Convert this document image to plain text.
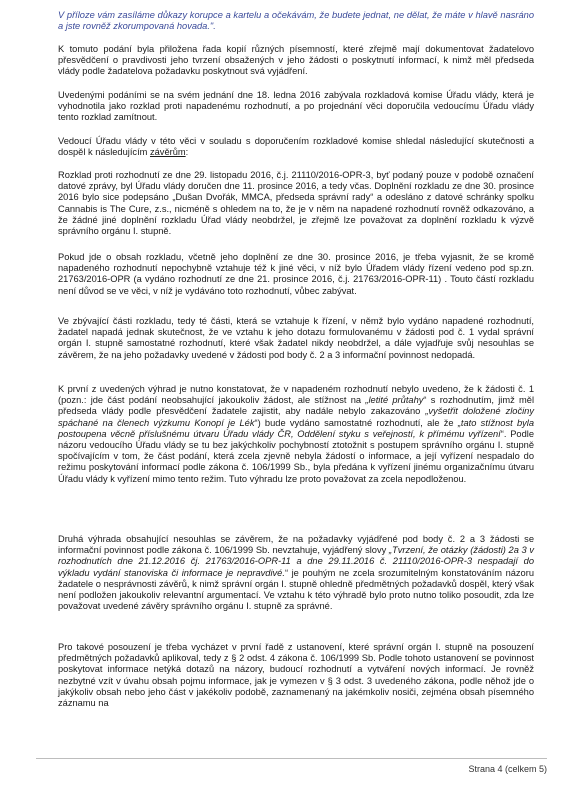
V příloze vám zasíláme důkazy korupce a kartelu a očekávám, že budete jednat, ne dělat, že máte v hlavě nasráno a jste rovněž zkorumpovaná hovada.".

K tomuto podání byla přiložena řada kopií různých písemností, které zřejmě mají dokumentovat žadatelovo přesvědčení o pravdivosti jeho tvrzení obsažených v jeho žádosti o poskytnutí informací, k nimž měl předseda vlády podle žadatelova požadavku poskytnout svá vyjádření.

Uvedenými podáními se na svém jednání dne 18. ledna 2016 zabývala rozkladová komise Úřadu vlády, která je vyhodnotila jako rozklad proti napadenému rozhodnutí, a po projednání věci doporučila vedoucímu Úřadu vlády tento rozklad zamítnout.

Vedoucí Úřadu vlády v této věci v souladu s doporučením rozkladové komise shledal následující skutečnosti a dospěl k následujícím závěrům:

Rozklad proti rozhodnutí ze dne 29. listopadu 2016, č.j. 21110/2016-OPR-3, byť podaný pouze v podobě označení datové zprávy, byl Úřadu vlády doručen dne 11. prosince 2016, a tedy včas. Doplnění rozkladu ze dne 30. prosince 2016 bylo sice podepsáno „Dušan Dvořák, MMCA, předseda správní rady“ a odesláno z datové schránky spolku Cannabis is The Cure, z.s., nicméně s ohledem na to, že je v něm na napadené rozhodnutí rovněž odkazováno, a že žádné jiné doplnění rozkladu Úřad vlády neobdržel, je zřejmě lze považovat za doplnění rozkladu k výzvě správního orgánu I. stupně.

Pokud jde o obsah rozkladu, včetně jeho doplnění ze dne 30. prosince 2016, je třeba vyjasnit, že se kromě napadeného rozhodnutí nepochybně vztahuje též k jiné věci, v níž bylo Úřadem vlády řízení vedeno pod sp.zn. 21763/2016-OPR (a vydáno rozhodnutí ze dne 21. prosince 2016, č.j. 21763/2016-OPR-11) . Touto částí rozkladu není důvod se ve věci, v níž je vydáváno toto rozhodnutí, vůbec zabývat.

Ve zbývající části rozkladu, tedy té části, která se vztahuje k řízení, v němž bylo vydáno napadené rozhodnutí, žadatel napadá jednak skutečnost, že ve vztahu k jeho dotazu formulovanému v žádosti pod č. 1 vydal správní orgán I. stupně samostatné rozhodnutí, které však žadatel nikdy neobdržel, a dále vyjadřuje svůj nesouhlas se závěrem, že na jeho požadavky uvedené v žádosti pod body č. 2 a 3 informační povinnost nedopadá.

K první z uvedených výhrad je nutno konstatovat, že v napadeném rozhodnutí nebylo uvedeno, že k žádosti č. 1 (pozn.: jde část podání neobsahující jakoukoliv žádost, ale stížnost na „letité průtahy“ s rozhodnutím, jimž měl předseda vlády podle přesvědčení žadatele zajistit, aby nadále nebylo zakazováno „vyšetřit doložené zločiny spáchané na členech výzkumu Konopí je Lék“) bude vydáno samostatné rozhodnutí, ale že „tato stížnost byla postoupena věcně příslušnému útvaru Úřadu vlády ČR, Oddělení styku s veřejností, k přímému vyřízení“. Podle názoru vedoucího Úřadu vlády se tu bez jakýchkoliv pochybností ztotožnit s postupem správního orgánu I. stupně spočívajícím v tom, že část podání, která zcela zjevně nebyla žádostí o informace, a její vyřízení nespadalo do režimu poskytování informací podle zákona č. 106/1999 Sb., byla předána k vyřízení jinému organizačnímu útvaru Úřadu vlády k vyřízení mimo tento režim. Tuto výhradu lze proto považovat za zcela nepodloženou.

Druhá výhrada obsahující nesouhlas se závěrem, že na požadavky vyjádřené pod body č. 2 a 3 žádosti se informační povinnost podle zákona č. 106/1999 Sb. nevztahuje, vyjádřený slovy „Tvrzení, že otázky (žádosti) 2a 3 v rozhodnutích dne 21.12.2016 čj. 21763/2016-OPR-11 a dne 29.11.2016 č. 21110/2016-OPR-3 nespadají do výkladu vydání stanoviska či informace je nepravdivé.“ je pouhým ne zcela srozumitelným konstatováním názoru žadatele o nesprávnosti závěrů, k nimž správní orgán I. stupně ohledně předmětných požadavků dospěl, který však není podložen jakoukoliv relevantní argumentací. Ve vztahu k této výhradě bylo proto nutno toliko posoudit, zda lze považovat uvedené závěry správního orgánu I. stupně za správné.

Pro takové posouzení je třeba vycházet v první řadě z ustanovení, které správní orgán I. stupně na posouzení předmětných požadavků aplikoval, tedy z § 2 odst. 4 zákona č. 106/1999 Sb. Podle tohoto ustanovení se povinnost poskytovat informace netýká dotazů na názory, budoucí rozhodnutí a vytváření nových informací. Je rovněž nezbytné vzít v úvahu obsah pojmu informace, jak je vymezen v § 3 odst. 3 uvedeného zákona, podle něhož jde o jakýkoliv obsah nebo jeho část v jakékoliv podobě, zaznamenaný na jakémkoliv nosiči, zejména obsah písemného záznamu na

Strana 4 (celkem 5)
